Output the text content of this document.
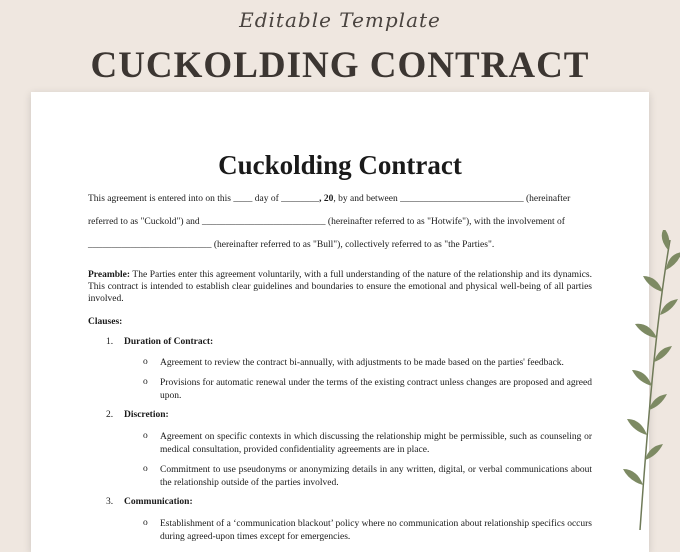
Editable Template
CUCKOLDING CONTRACT
Cuckolding Contract
This agreement is entered into on this ____ day of ________, 20, by and between __________________________ (hereinafter
referred to as "Cuckold") and __________________________ (hereinafter referred to as "Hotwife"), with the involvement of
__________________________ (hereinafter referred to as "Bull"), collectively referred to as "the Parties".
Preamble: The Parties enter this agreement voluntarily, with a full understanding of the nature of the relationship and its dynamics. This contract is intended to establish clear guidelines and boundaries to ensure the emotional and physical well-being of all parties involved.
Clauses:
1. Duration of Contract:
o Agreement to review the contract bi-annually, with adjustments to be made based on the parties' feedback.
o Provisions for automatic renewal under the terms of the existing contract unless changes are proposed and agreed upon.
2. Discretion:
o Agreement on specific contexts in which discussing the relationship might be permissible, such as counseling or medical consultation, provided confidentiality agreements are in place.
o Commitment to use pseudonyms or anonymizing details in any written, digital, or verbal communications about the relationship outside of the parties involved.
3. Communication:
o Establishment of a ‘communication blackout’ policy where no communication about relationship specifics occurs during agreed-upon times except for emergencies.
